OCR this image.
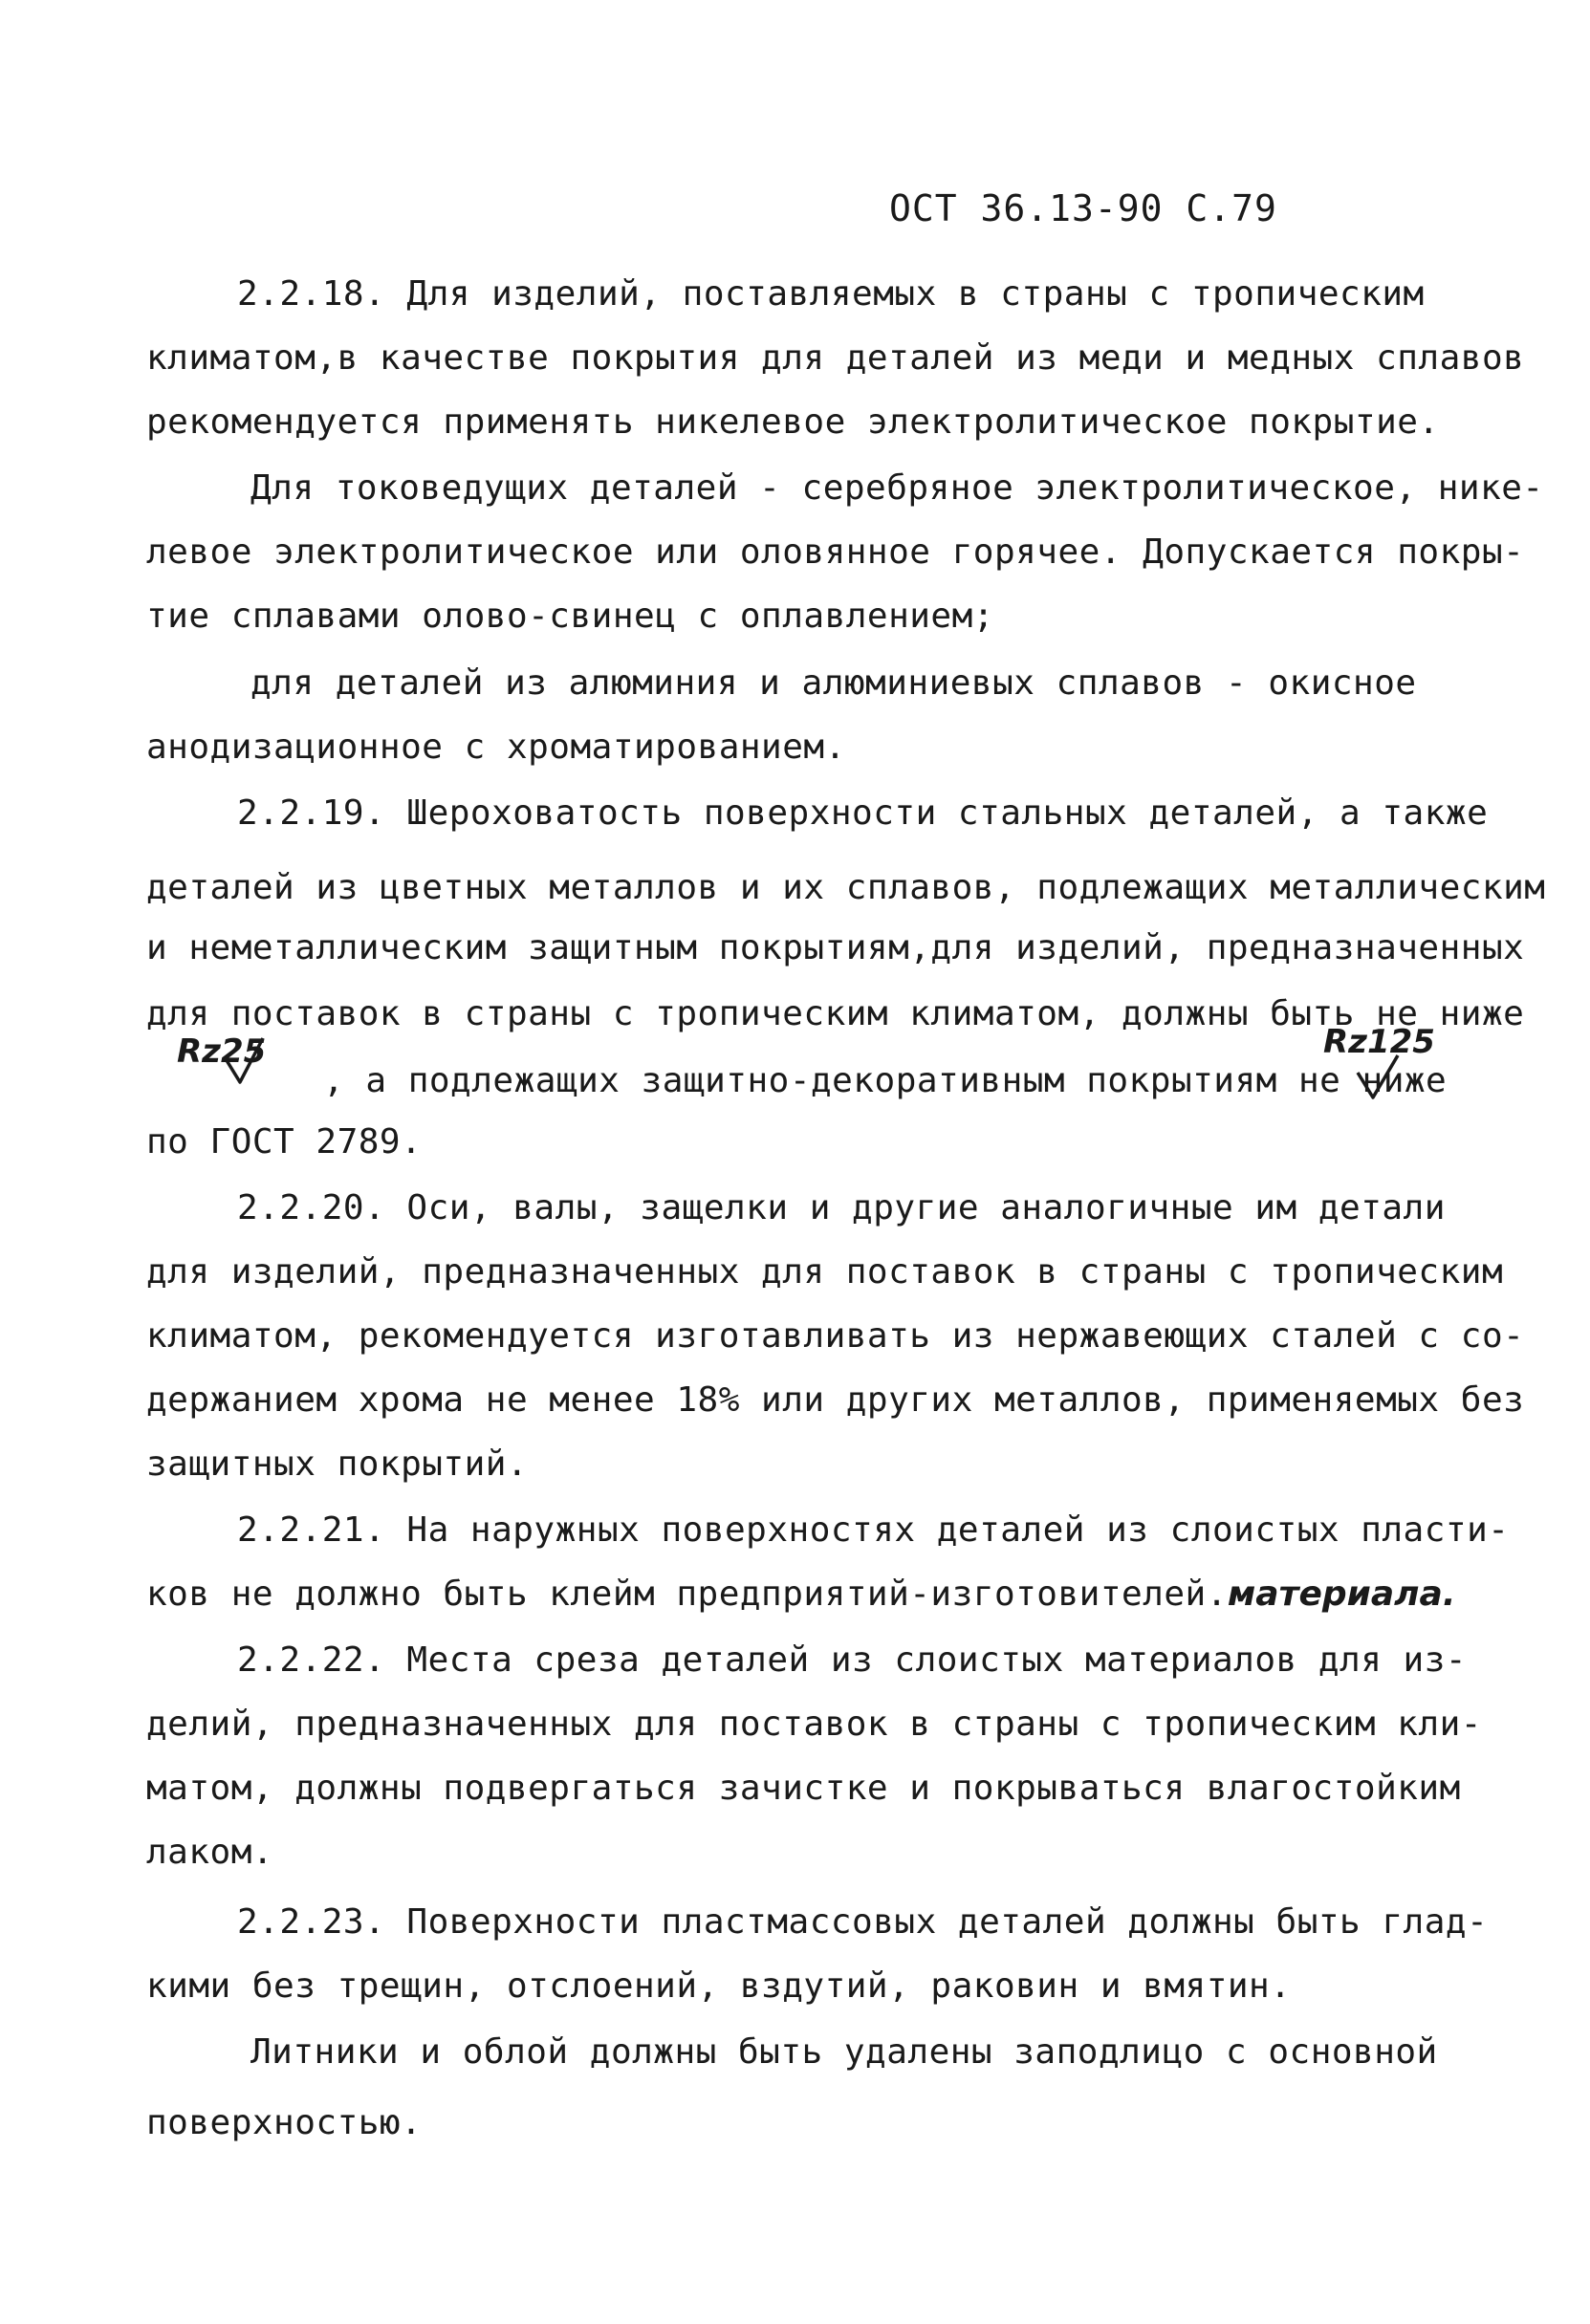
ОСТ 36.13-90 С.79
2.2.18. Для изделий, поставляемых в страны с тропическим
климатом,в качестве покрытия для деталей из меди и медных сплавов
рекомендуется применять никелевое электролитическое покрытие.
Для токоведущих деталей - серебряное электролитическое, нике-
левое электролитическое или оловянное горячее. Допускается покры-
тие сплавами олово-свинец с оплавлением;
для деталей из алюминия и алюминиевых сплавов - окисное
анодизационное с хроматированием.
2.2.19. Шероховатость поверхности стальных деталей, а также
деталей из цветных металлов и их сплавов, подлежащих металлическим
и неметаллическим защитным покрытиям,для изделий, предназначенных
для поставок в страны с тропическим климатом, должны быть не ниже
Rz25
, а подлежащих защитно-декоративным покрытиям не ниже
Rz125
по ГОСТ 2789.
2.2.20. Оси, валы, защелки и другие аналогичные им детали
для изделий, предназначенных для поставок в страны с тропическим
климатом, рекомендуется изготавливать из нержавеющих сталей с со-
держанием хрома не менее 18% или других металлов, применяемых без
защитных покрытий.
2.2.21. На наружных поверхностях деталей из слоистых пласти-
ков не должно быть клейм предприятий-изготовителей.материала.
2.2.22. Места среза деталей из слоистых материалов для из-
делий, предназначенных для поставок в страны с тропическим кли-
матом, должны подвергаться зачистке и покрываться влагостойким
лаком.
2.2.23. Поверхности пластмассовых деталей должны быть глад-
кими без трещин, отслоений, вздутий, раковин и вмятин.
Литники и облой должны быть удалены заподлицо с основной
поверхностью.
